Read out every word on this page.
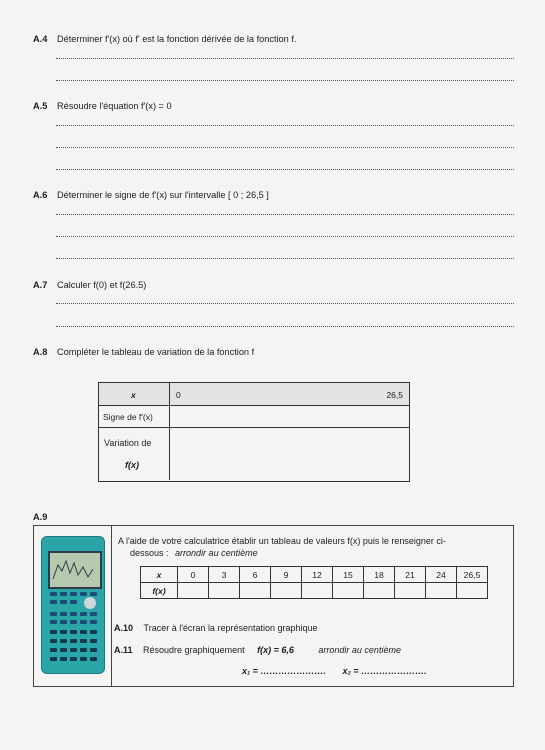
A.4 Déterminer f'(x) où f' est la fonction dérivée de la fonction f.
A.5 Résoudre l'équation f'(x) = 0
A.6 Déterminer le signe de f'(x) sur l'intervalle [ 0 ; 26,5 ]
A.7 Calculer f(0) et f(26.5)
A.8 Compléter le tableau de variation de la fonction f
x	0	26,5
Signe de f'(x)
Variation de
f(x)
A.9
A l'aide de votre calculatrice établir un tableau de valeurs f(x) puis le renseigner ci-
dessous : arrondir au centième
A.10 Tracer à l'écran la représentation graphique
A.11 Résoudre graphiquement f(x) = 6,6	arrondir au centième
x₁ = …………………. x₂ = ………………….
x	0	3	6	9	12	15	18	21	24	26,5
f(x)										
